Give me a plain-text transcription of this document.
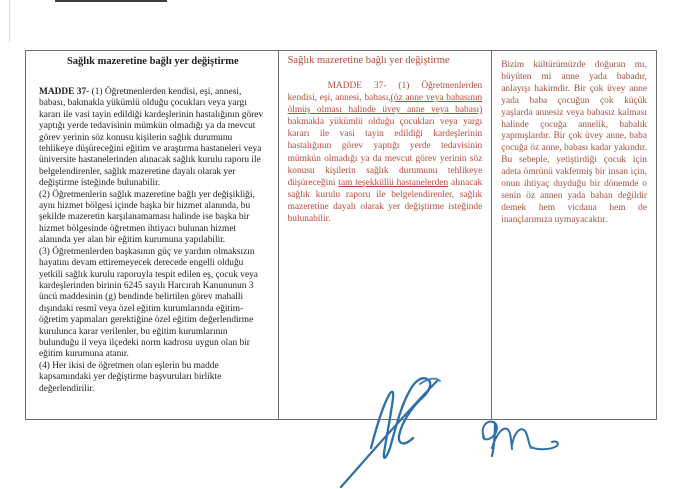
Sağlık mazeretine bağlı yer değiştirme

MADDE 37- (1) Öğretmenlerden kendisi, eşi, annesi, babası, bakmakla yükümlü olduğu çocukları veya yargı kararı ile vasi tayin edildiği kardeşlerinin hastalığının görev yaptığı yerde tedavisinin mümkün olmadığı ya da mevcut görev yerinin söz konusu kişilerin sağlık durumunu tehlikeye düşüreceğini eğitim ve araştırma hastaneleri veya üniversite hastanelerinden alınacak sağlık kurulu raporu ile belgelendirenler, sağlık mazeretine dayalı olarak yer değiştirme isteğinde bulunabilir.

(2) Öğretmenlerin sağlık mazeretine bağlı yer değişikliği, aynı hizmet bölgesi içinde başka bir hizmet alanında, bu şekilde mazeretin karşılanamaması halinde ise başka bir hizmet bölgesinde öğretmen ihtiyacı bulunan hizmet alanında yer alan bir eğitim kurumuna yapılabilir.

(3) Öğretmenlerden başkasının güç ve yardım olmaksızın hayatını devam ettiremeyecek derecede engelli olduğu yetkili sağlık kurulu raporuyla tespit edilen eş, çocuk veya kardeşlerinden birinin 6245 sayılı Harcırah Kanununun 3 üncü maddesinin (g) bendinde belirtilen görev mahalli dışındaki resmî veya özel eğitim kurumlarında eğitim-öğretim yapmaları gerektiğine özel eğitim değerlendirme kurulunca karar verilenler, bu eğitim kurumlarının bulunduğu il veya ilçedeki norm kadrosu uygun olan bir eğitim kurumuna atanır.

(4) Her ikisi de öğretmen olan eşlerin bu madde kapsamındaki yer değiştirme başvuruları birlikte değerlendirilir.

Sağlık mazeretine bağlı yer değiştirme

MADDE 37- (1) Öğretmenlerden kendisi, eşi, annesi, babası,(öz anne veya babasının ölmüş olması halinde üvey anne veya babası) bakmakla yükümlü olduğu çocukları veya yargı kararı ile vasi tayin edildiği kardeşlerinin hastalığının görev yaptığı yerde tedavisinin mümkün olmadığı ya da mevcut görev yerinin söz konusu kişilerin sağlık durumunu tehlikeye düşüreceğini tam teşekküllü hastanelerden alınacak sağlık kurulu raporu ile belgelendirenler, sağlık mazeretine dayalı olarak yer değiştirme isteğinde bulunabilir.

Bizim kültürümüzde doğuran mı, büyüten mi anne yada babadır, anlayışı hakimdir. Bir çok üvey anne yada baba çocuğun çok küçük yaşlarda annesiz veya babasız kalması halinde çocuğa annelik, babalık yapmışlardır. Bir çok üvey anne, baba çocuğa öz anne, babası kadar yakındır. Bu sebeple, yetiştirdiği çocuk için adeta ömrünü vakfetmiş bir insan için, onun ihtiyaç duyduğu bir dönemde o senin öz annen yada baban değildir demek hem vicdana hem de inançlarımıza uymayacaktır.
